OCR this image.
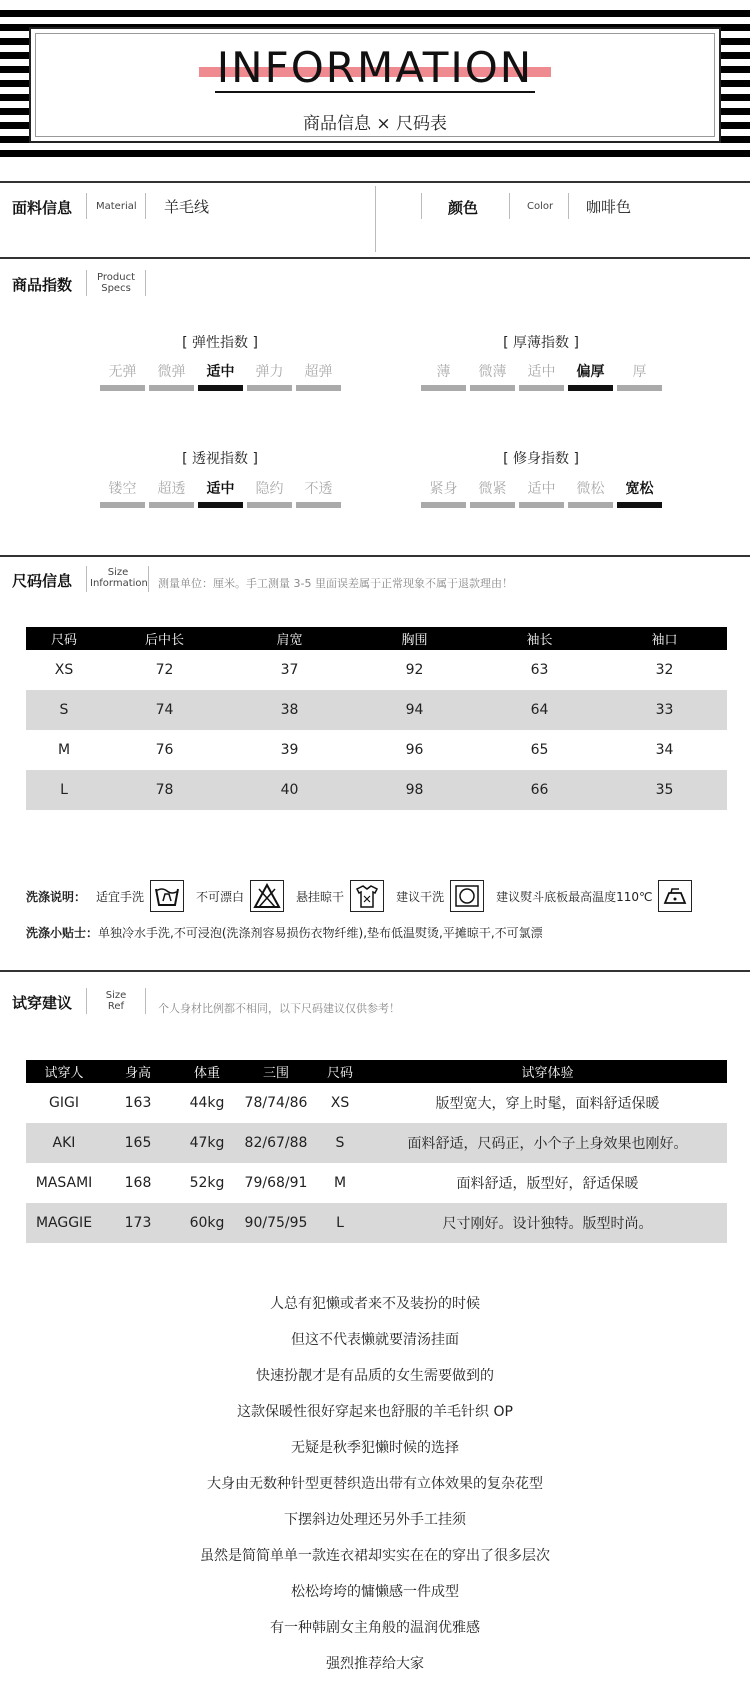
INFORMATION
商品信息 × 尺码表
面料信息 Material 羊毛线	颜色	Color 咖啡色
商品指数	Product
Specs
[ 弹性指数 ]
无弹	微弹	适中	弹力	超弹
[ 厚薄指数 ]
薄	微薄	适中	偏厚	厚
[ 透视指数 ]
镂空	超透	适中	隐约	不透
[ 修身指数 ]
紧身	微紧	适中	微松	宽松
尺码信息	Size
Information 测量单位：厘米。手工测量 3-5 里面误差属于正常现象不属于退款理由！
尺码	后中长	肩宽	胸围	袖长	袖口
XS	72	37	92	63	32
S	74	38	94	64	33
M	76	39	96	65	34
L	78	40	98	66	35
洗涤说明： 适宜手洗	不可漂白	悬挂晾干	建议干洗	建议熨斗底板最高温度110℃
洗涤小贴士：单独冷水手洗,不可浸泡(洗涤剂容易损伤衣物纤维),垫布低温熨烫,平摊晾干,不可氯漂
试穿建议	Size
Ref	个人身材比例都不相同，以下尺码建议仅供参考！
试穿人	身高	体重	三围	尺码	试穿体验
GIGI	163	44kg	78/74/86	XS	版型宽大，穿上时髦，面料舒适保暖
AKI	165	47kg	82/67/88	S	面料舒适，尺码正，小个子上身效果也刚好。
MASAMI	168	52kg	79/68/91	M	面料舒适，版型好，舒适保暖
MAGGIE	173	60kg	90/75/95	L	尺寸刚好。设计独特。版型时尚。

人总有犯懒或者来不及装扮的时候

但这不代表懒就要清汤挂面

快速扮靓才是有品质的女生需要做到的

这款保暖性很好穿起来也舒服的羊毛针织 OP

无疑是秋季犯懒时候的选择

大身由无数种针型更替织造出带有立体效果的复杂花型

下摆斜边处理还另外手工挂须

虽然是简简单单一款连衣裙却实实在在的穿出了很多层次

松松垮垮的慵懒感一件成型

有一种韩剧女主角般的温润优雅感

强烈推荐给大家
